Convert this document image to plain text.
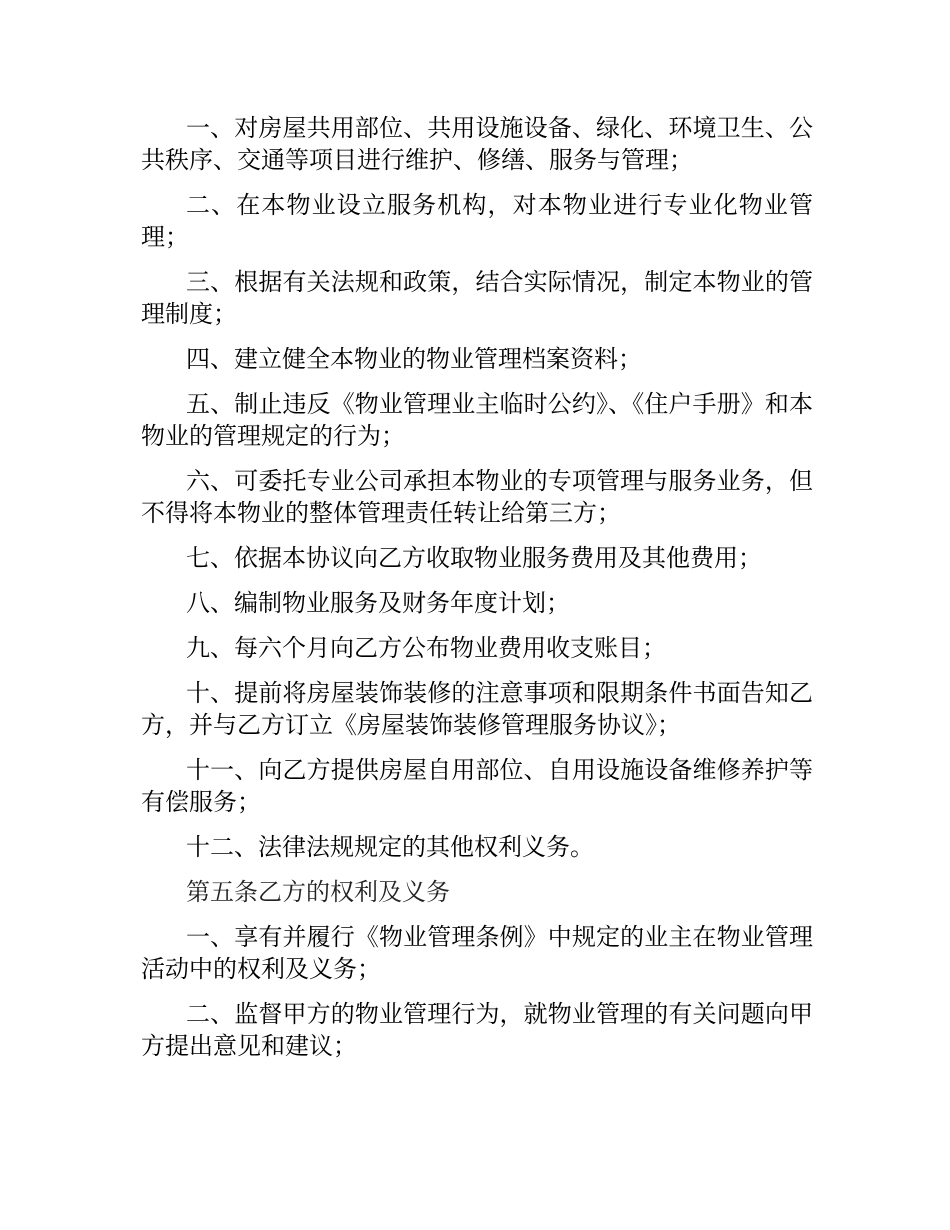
一、对房屋共用部位、共用设施设备、绿化、环境卫生、公共秩序、交通等项目进行维护、修缮、服务与管理；

二、在本物业设立服务机构，对本物业进行专业化物业管理；

三、根据有关法规和政策，结合实际情况，制定本物业的管理制度；

四、建立健全本物业的物业管理档案资料；

五、制止违反《物业管理业主临时公约》、《住户手册》和本物业的管理规定的行为；

六、可委托专业公司承担本物业的专项管理与服务业务，但不得将本物业的整体管理责任转让给第三方；

七、依据本协议向乙方收取物业服务费用及其他费用；

八、编制物业服务及财务年度计划；

九、每六个月向乙方公布物业费用收支账目；

十、提前将房屋装饰装修的注意事项和限期条件书面告知乙方，并与乙方订立《房屋装饰装修管理服务协议》；

十一、向乙方提供房屋自用部位、自用设施设备维修养护等有偿服务；

十二、法律法规规定的其他权利义务。

第五条乙方的权利及义务

一、享有并履行《物业管理条例》中规定的业主在物业管理活动中的权利及义务；

二、监督甲方的物业管理行为，就物业管理的有关问题向甲方提出意见和建议；
